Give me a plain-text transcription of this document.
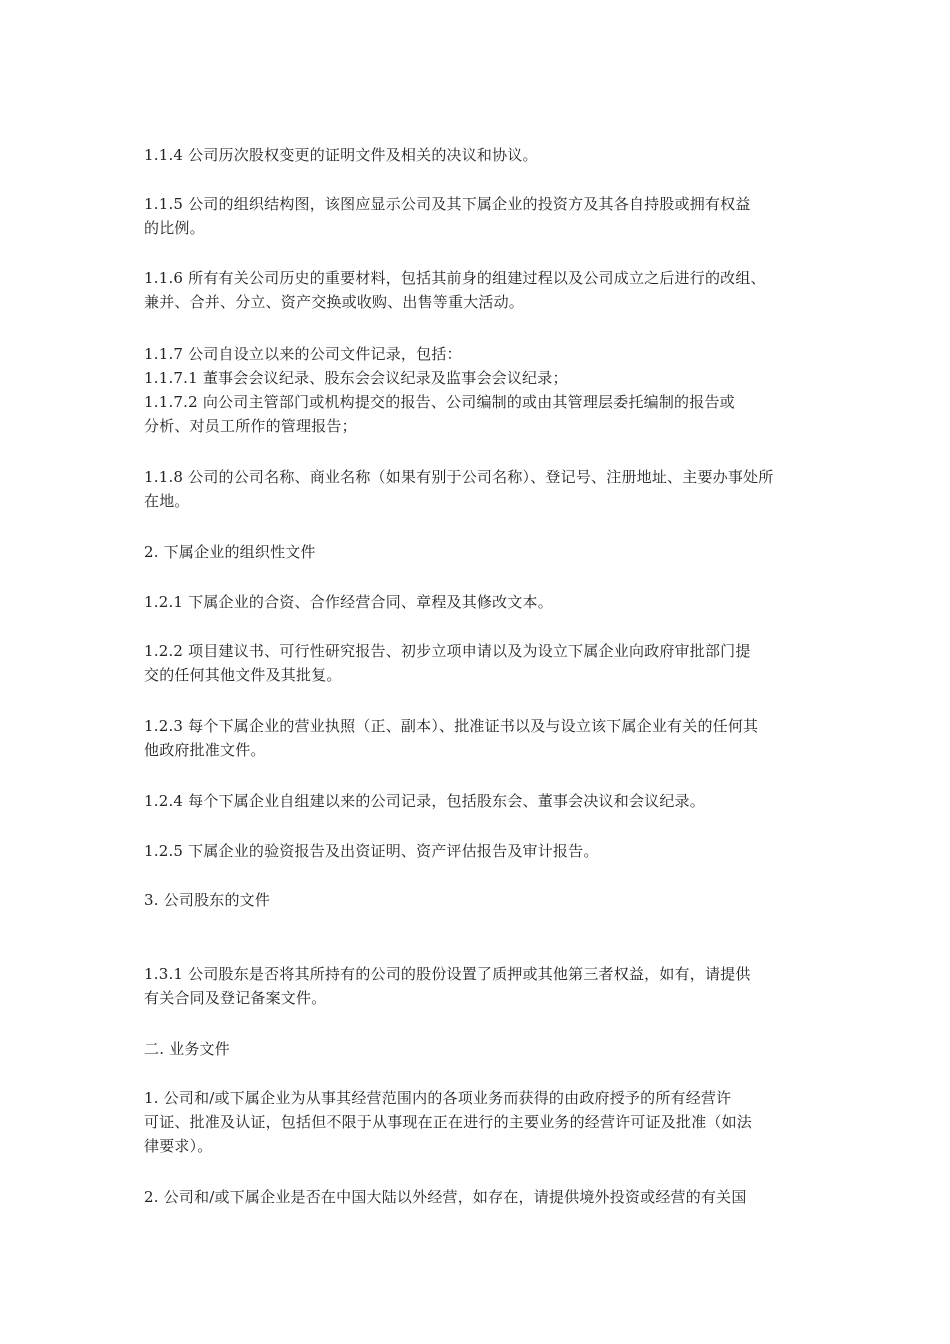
1.1.4 公司历次股权变更的证明文件及相关的决议和协议。
1.1.5 公司的组织结构图，该图应显示公司及其下属企业的投资方及其各自持股或拥有权益
的比例。
1.1.6 所有有关公司历史的重要材料，包括其前身的组建过程以及公司成立之后进行的改组、
兼并、合并、分立、资产交换或收购、出售等重大活动。
1.1.7 公司自设立以来的公司文件记录，包括：
1.1.7.1 董事会会议纪录、股东会会议纪录及监事会会议纪录；
1.1.7.2 向公司主管部门或机构提交的报告、公司编制的或由其管理层委托编制的报告或
分析、对员工所作的管理报告；
1.1.8 公司的公司名称、商业名称（如果有别于公司名称）、登记号、注册地址、主要办事处所
在地。
2. 下属企业的组织性文件
1.2.1 下属企业的合资、合作经营合同、章程及其修改文本。
1.2.2 项目建议书、可行性研究报告、初步立项申请以及为设立下属企业向政府审批部门提
交的任何其他文件及其批复。
1.2.3 每个下属企业的营业执照（正、副本）、批准证书以及与设立该下属企业有关的任何其
他政府批准文件。
1.2.4 每个下属企业自组建以来的公司记录，包括股东会、董事会决议和会议纪录。
1.2.5 下属企业的验资报告及出资证明、资产评估报告及审计报告。
3. 公司股东的文件
1.3.1 公司股东是否将其所持有的公司的股份设置了质押或其他第三者权益，如有，请提供
有关合同及登记备案文件。
二. 业务文件
1. 公司和/或下属企业为从事其经营范围内的各项业务而获得的由政府授予的所有经营许
可证、批准及认证，包括但不限于从事现在正在进行的主要业务的经营许可证及批准（如法
律要求）。
2. 公司和/或下属企业是否在中国大陆以外经营，如存在，请提供境外投资或经营的有关国
